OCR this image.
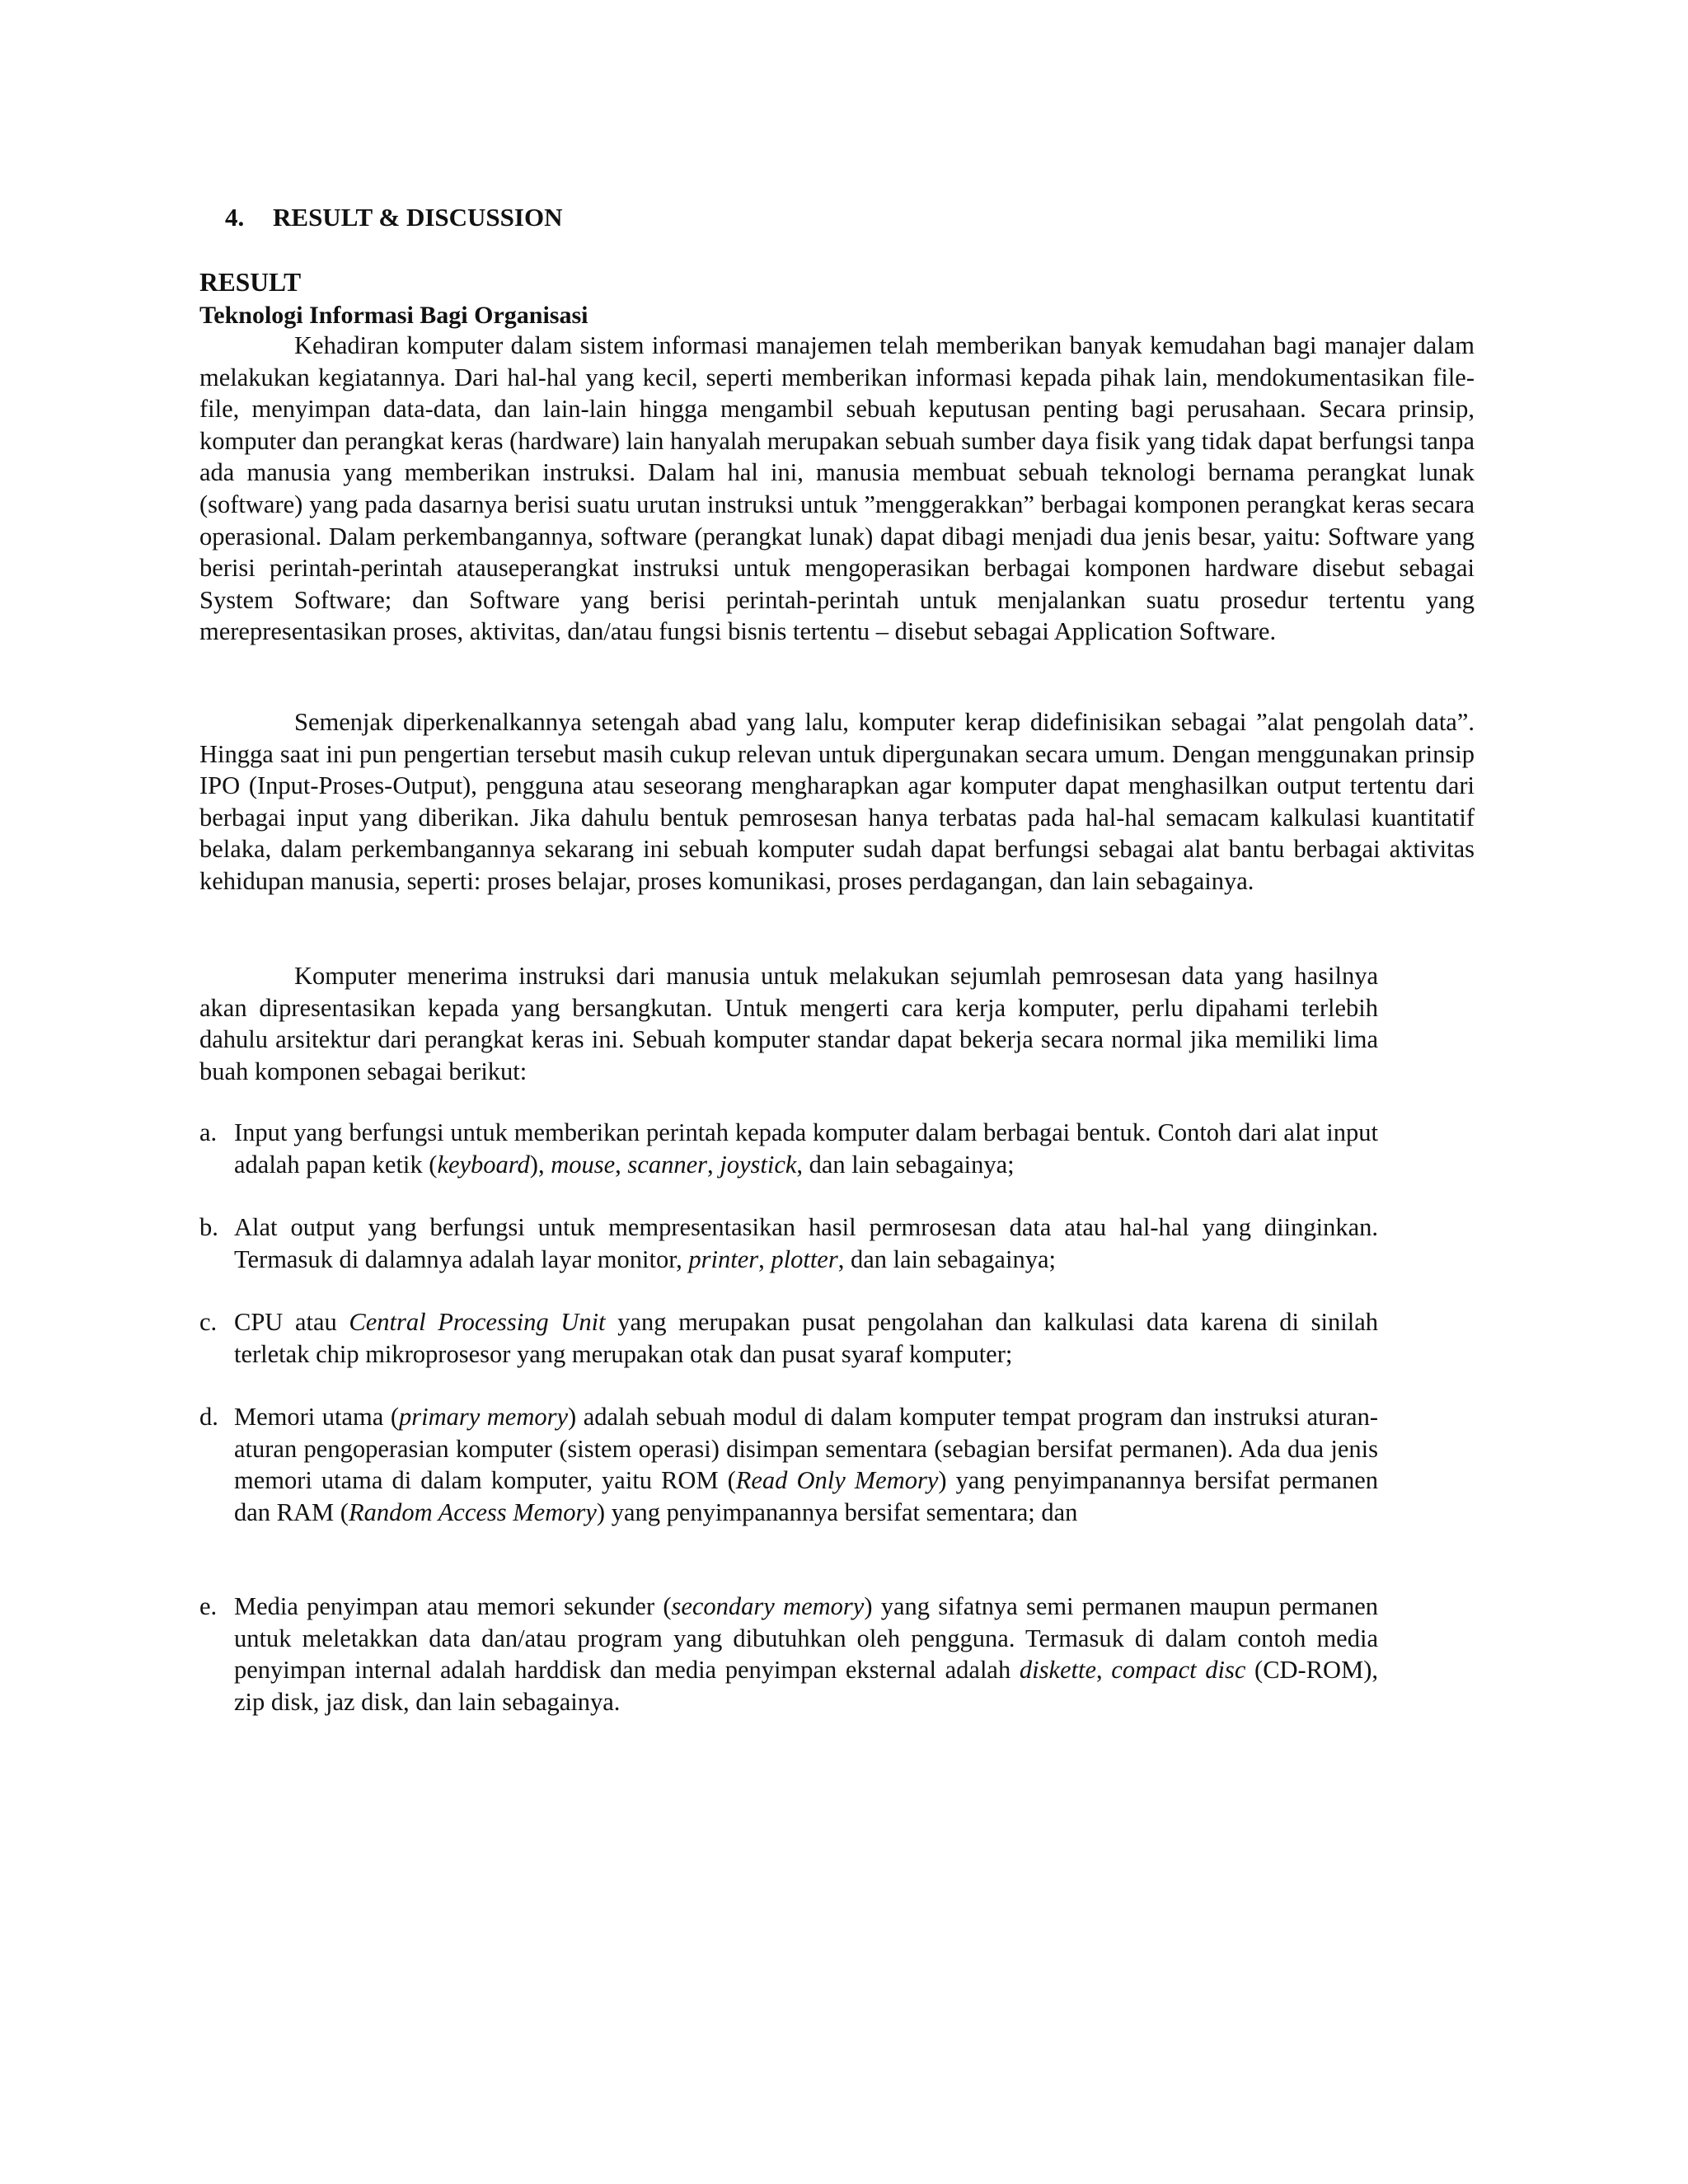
4. RESULT & DISCUSSION
RESULT
Teknologi Informasi Bagi Organisasi

Kehadiran komputer dalam sistem informasi manajemen telah memberikan banyak kemudahan bagi manajer dalam melakukan kegiatannya. Dari hal-hal yang kecil, seperti memberikan informasi kepada pihak lain, mendokumentasikan file-file, menyimpan data-data, dan lain-lain hingga mengambil sebuah keputusan penting bagi perusahaan. Secara prinsip, komputer dan perangkat keras (hardware) lain hanyalah merupakan sebuah sumber daya fisik yang tidak dapat berfungsi tanpa ada manusia yang memberikan instruksi. Dalam hal ini, manusia membuat sebuah teknologi bernama perangkat lunak (software) yang pada dasarnya berisi suatu urutan instruksi untuk ”menggerakkan” berbagai komponen perangkat keras secara operasional. Dalam perkembangannya, software (perangkat lunak) dapat dibagi menjadi dua jenis besar, yaitu: Software yang berisi perintah-perintah atauseperangkat instruksi untuk mengoperasikan berbagai komponen hardware disebut sebagai System Software; dan Software yang berisi perintah-perintah untuk menjalankan suatu prosedur tertentu yang merepresentasikan proses, aktivitas, dan/atau fungsi bisnis tertentu – disebut sebagai Application Software.

Semenjak diperkenalkannya setengah abad yang lalu, komputer kerap didefinisikan sebagai ”alat pengolah data”. Hingga saat ini pun pengertian tersebut masih cukup relevan untuk dipergunakan secara umum. Dengan menggunakan prinsip IPO (Input-Proses-Output), pengguna atau seseorang mengharapkan agar komputer dapat menghasilkan output tertentu dari berbagai input yang diberikan. Jika dahulu bentuk pemrosesan hanya terbatas pada hal-hal semacam kalkulasi kuantitatif belaka, dalam perkembangannya sekarang ini sebuah komputer sudah dapat berfungsi sebagai alat bantu berbagai aktivitas kehidupan manusia, seperti: proses belajar, proses komunikasi, proses perdagangan, dan lain sebagainya.

Komputer menerima instruksi dari manusia untuk melakukan sejumlah pemrosesan data yang hasilnya akan dipresentasikan kepada yang bersangkutan. Untuk mengerti cara kerja komputer, perlu dipahami terlebih dahulu arsitektur dari perangkat keras ini. Sebuah komputer standar dapat bekerja secara normal jika memiliki lima buah komponen sebagai berikut:

a. Input yang berfungsi untuk memberikan perintah kepada komputer dalam berbagai bentuk. Contoh dari alat input adalah papan ketik (keyboard), mouse, scanner, joystick, dan lain sebagainya;
b. Alat output yang berfungsi untuk mempresentasikan hasil permrosesan data atau hal-hal yang diinginkan. Termasuk di dalamnya adalah layar monitor, printer, plotter, dan lain sebagainya;
c. CPU atau Central Processing Unit yang merupakan pusat pengolahan dan kalkulasi data karena di sinilah terletak chip mikroprosesor yang merupakan otak dan pusat syaraf komputer;
d. Memori utama (primary memory) adalah sebuah modul di dalam komputer tempat program dan instruksi aturan-aturan pengoperasian komputer (sistem operasi) disimpan sementara (sebagian bersifat permanen). Ada dua jenis memori utama di dalam komputer, yaitu ROM (Read Only Memory) yang penyimpanannya bersifat permanen dan RAM (Random Access Memory) yang penyimpanannya bersifat sementara; dan
e. Media penyimpan atau memori sekunder (secondary memory) yang sifatnya semi permanen maupun permanen untuk meletakkan data dan/atau program yang dibutuhkan oleh pengguna. Termasuk di dalam contoh media penyimpan internal adalah harddisk dan media penyimpan eksternal adalah diskette, compact disc (CD-ROM), zip disk, jaz disk, dan lain sebagainya.
